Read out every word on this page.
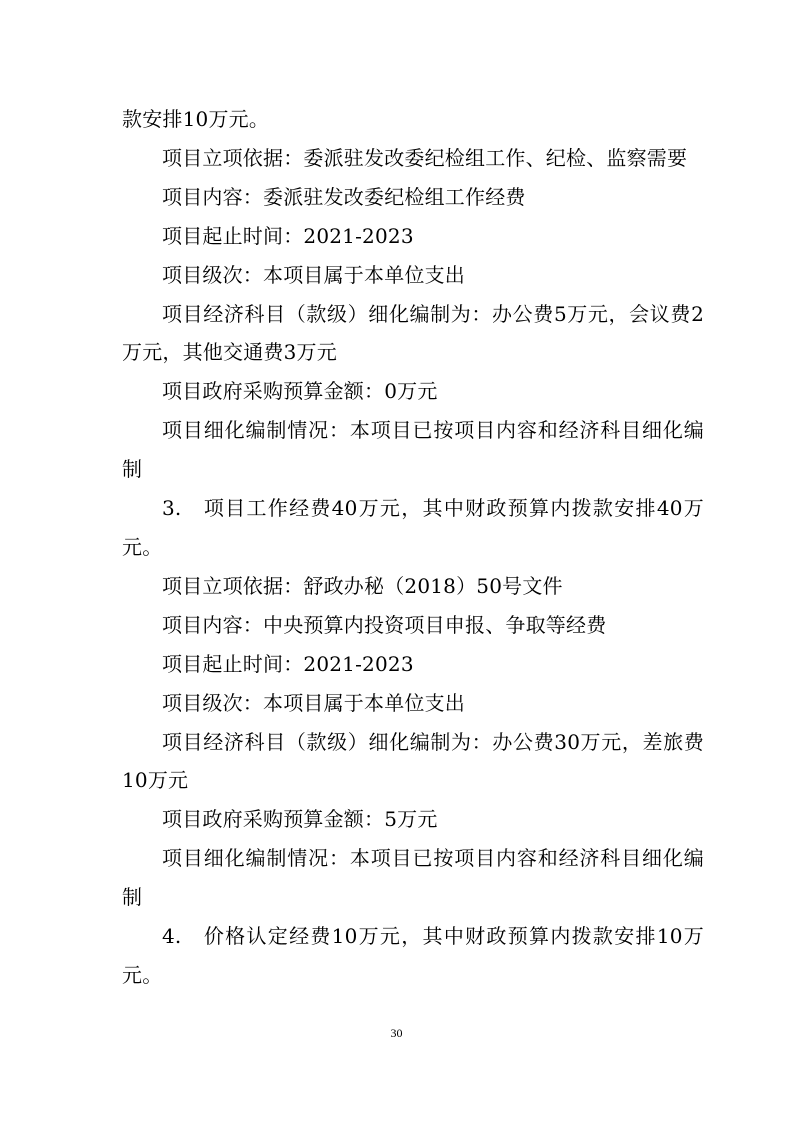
款安排10万元。

项目立项依据：委派驻发改委纪检组工作、纪检、监察需要

项目内容：委派驻发改委纪检组工作经费

项目起止时间：2021-2023

项目级次：本项目属于本单位支出

项目经济科目（款级）细化编制为：办公费5万元，会议费2万元，其他交通费3万元

项目政府采购预算金额：0万元

项目细化编制情况：本项目已按项目内容和经济科目细化编制

3.　项目工作经费40万元，其中财政预算内拨款安排40万元。

项目立项依据：舒政办秘（2018）50号文件

项目内容：中央预算内投资项目申报、争取等经费

项目起止时间：2021-2023

项目级次：本项目属于本单位支出

项目经济科目（款级）细化编制为：办公费30万元，差旅费10万元

项目政府采购预算金额：5万元

项目细化编制情况：本项目已按项目内容和经济科目细化编制

4.　价格认定经费10万元，其中财政预算内拨款安排10万元。

30
